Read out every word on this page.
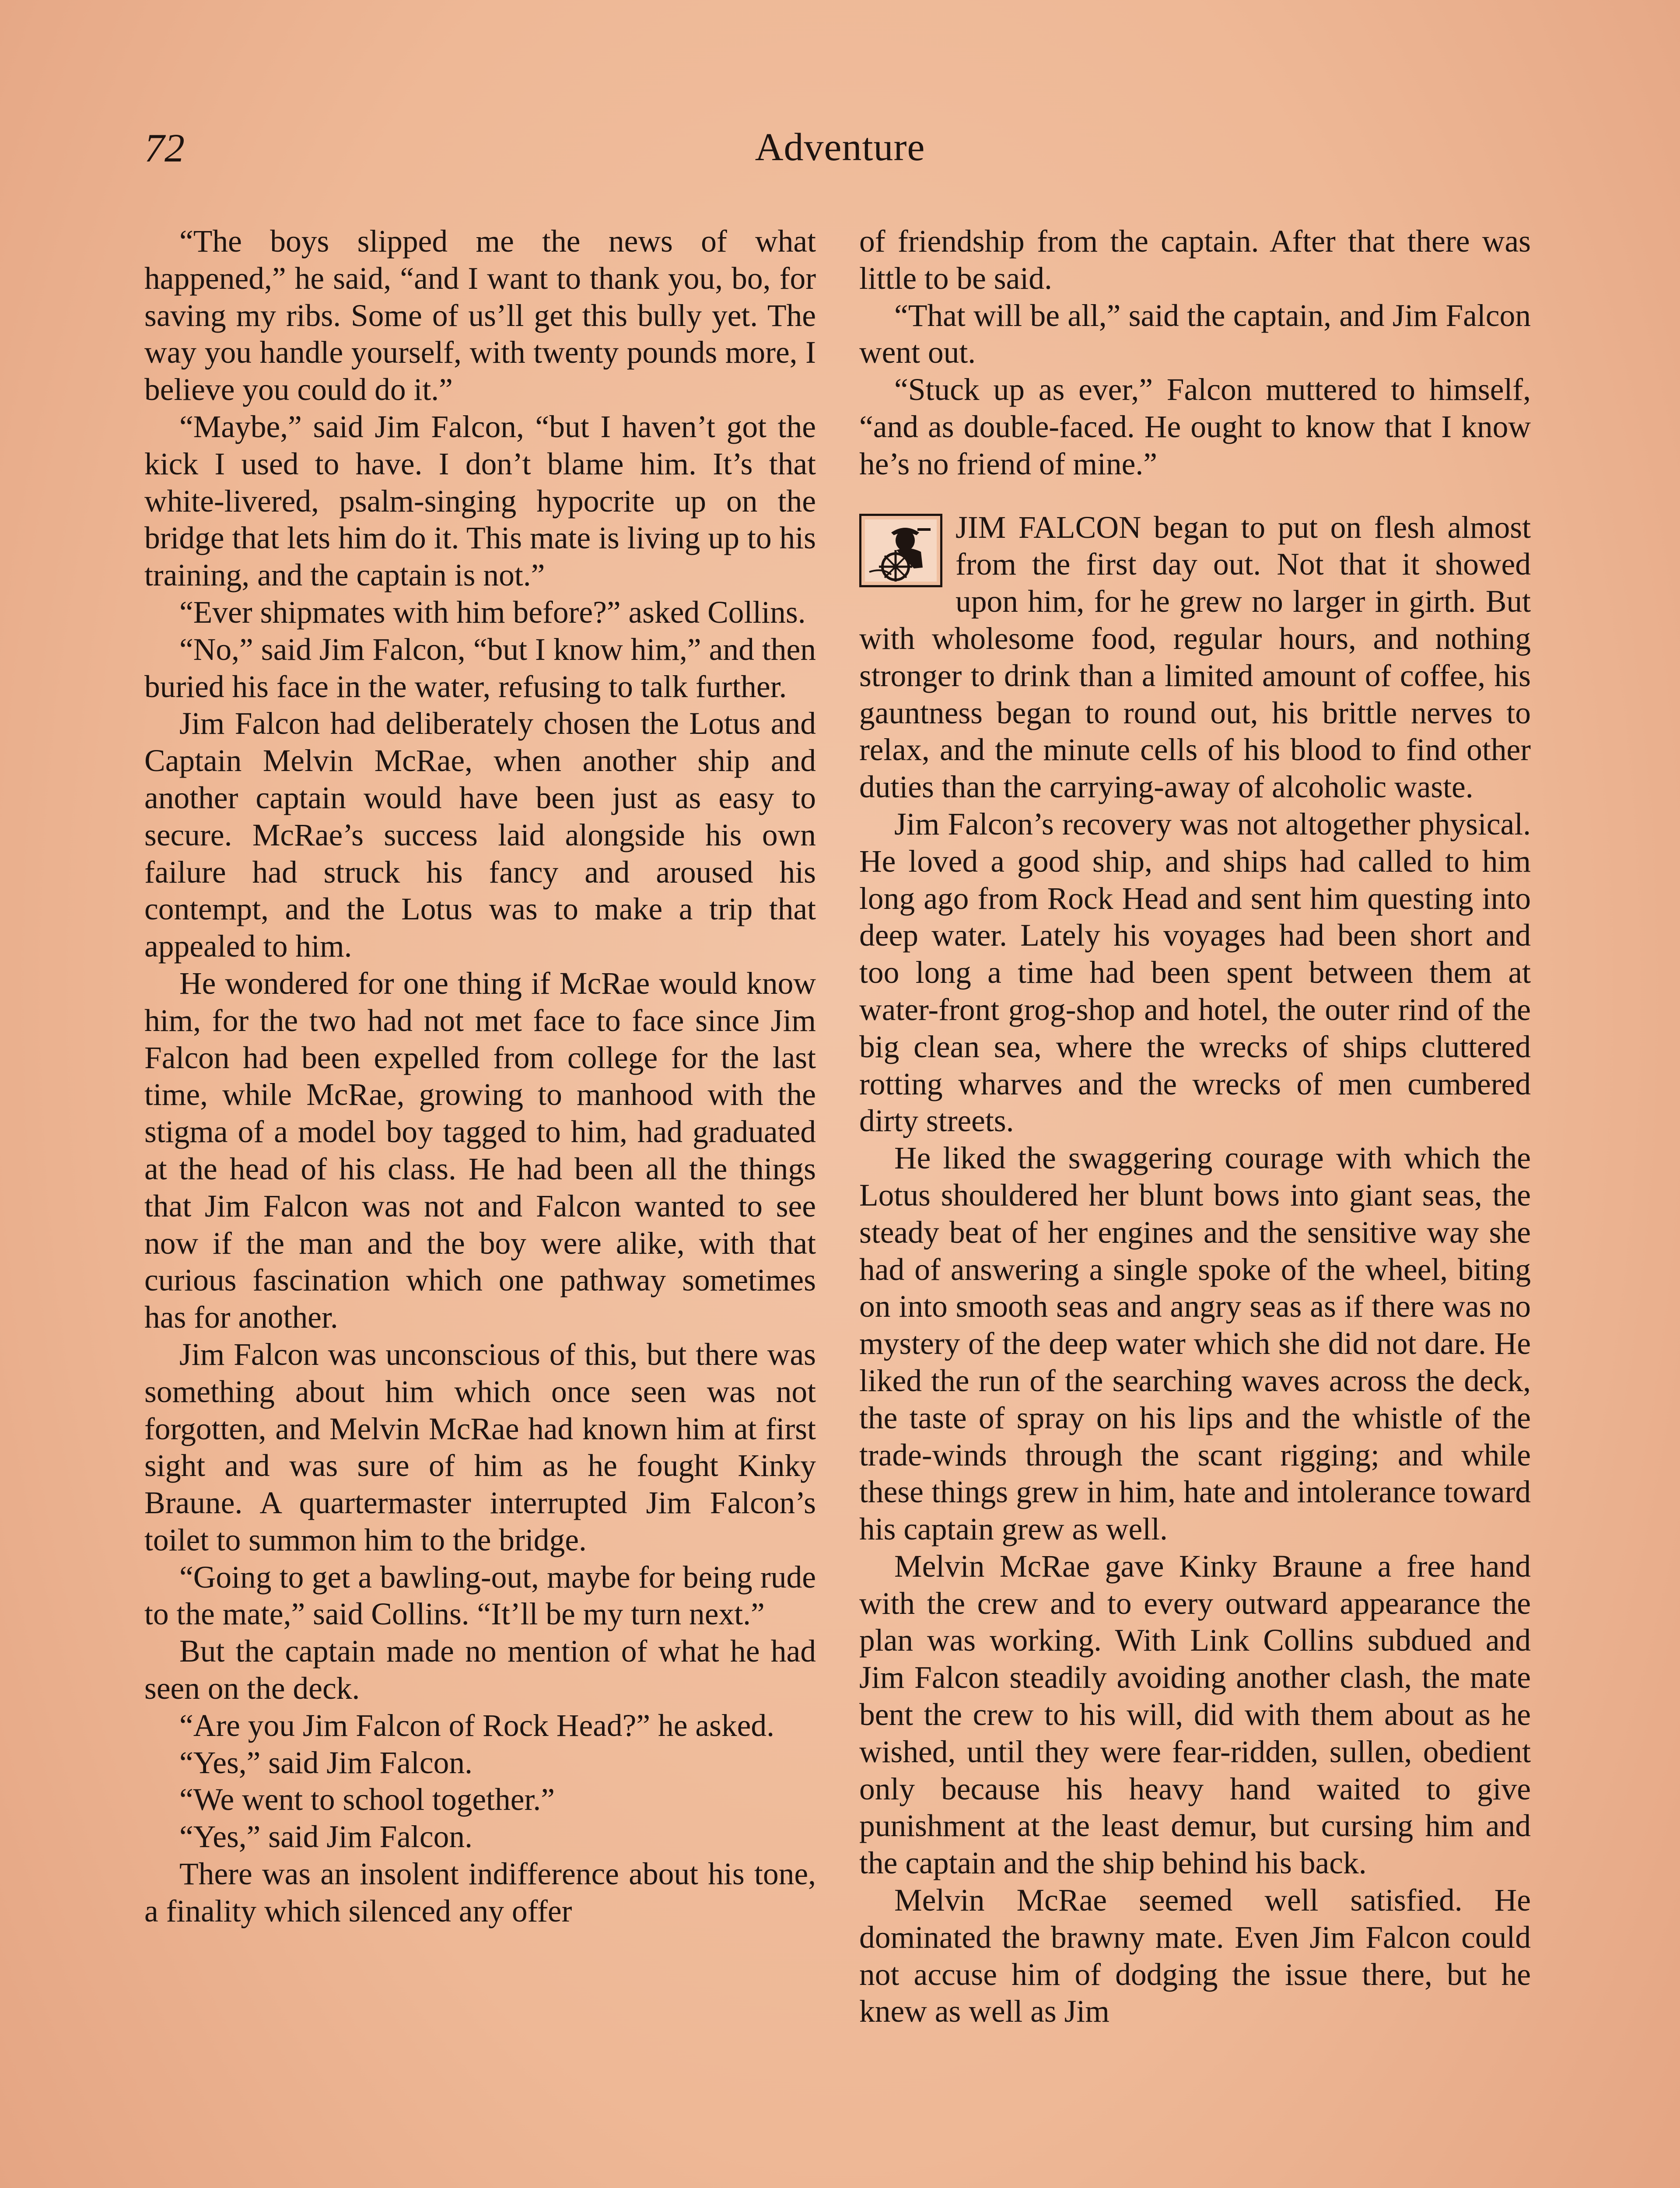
72	Adventure

“The boys slipped me the news of what happened,” he said, “and I want to thank you, bo, for saving my ribs. Some of us’ll get this bully yet. The way you handle yourself, with twenty pounds more, I believe you could do it.”

“Maybe,” said Jim Falcon, “but I haven’t got the kick I used to have. I don’t blame him. It’s that white-livered, psalm-singing hypocrite up on the bridge that lets him do it. This mate is living up to his training, and the captain is not.”

“Ever shipmates with him before?” asked Collins.

“No,” said Jim Falcon, “but I know him,” and then buried his face in the water, refusing to talk further.

Jim Falcon had deliberately chosen the Lotus and Captain Melvin McRae, when another ship and another captain would have been just as easy to secure. McRae’s success laid alongside his own failure had struck his fancy and aroused his contempt, and the Lotus was to make a trip that appealed to him.

He wondered for one thing if McRae would know him, for the two had not met face to face since Jim Falcon had been expelled from college for the last time, while McRae, growing to manhood with the stigma of a model boy tagged to him, had graduated at the head of his class. He had been all the things that Jim Falcon was not and Falcon wanted to see now if the man and the boy were alike, with that curious fascination which one pathway sometimes has for another.

Jim Falcon was unconscious of this, but there was something about him which once seen was not forgotten, and Melvin McRae had known him at first sight and was sure of him as he fought Kinky Braune. A quartermaster interrupted Jim Falcon’s toilet to summon him to the bridge.

“Going to get a bawling-out, maybe for being rude to the mate,” said Collins. “It’ll be my turn next.”

But the captain made no mention of what he had seen on the deck.

“Are you Jim Falcon of Rock Head?” he asked.

“Yes,” said Jim Falcon.

“We went to school together.”

“Yes,” said Jim Falcon.

There was an insolent indifference about his tone, a finality which silenced any offer

of friendship from the captain. After that there was little to be said.

“That will be all,” said the captain, and Jim Falcon went out.

“Stuck up as ever,” Falcon muttered to himself, “and as double-faced. He ought to know that I know he’s no friend of mine.”

JIM FALCON began to put on flesh almost from the first day out. Not that it showed upon him, for he grew no larger in girth. But with wholesome food, regular hours, and nothing stronger to drink than a limited amount of coffee, his gauntness began to round out, his brittle nerves to relax, and the minute cells of his blood to find other duties than the carrying-away of alcoholic waste.

Jim Falcon’s recovery was not altogether physical. He loved a good ship, and ships had called to him long ago from Rock Head and sent him questing into deep water. Lately his voyages had been short and too long a time had been spent between them at water-front grog-shop and hotel, the outer rind of the big clean sea, where the wrecks of ships cluttered rotting wharves and the wrecks of men cumbered dirty streets.

He liked the swaggering courage with which the Lotus shouldered her blunt bows into giant seas, the steady beat of her engines and the sensitive way she had of answering a single spoke of the wheel, biting on into smooth seas and angry seas as if there was no mystery of the deep water which she did not dare. He liked the run of the searching waves across the deck, the taste of spray on his lips and the whistle of the trade-winds through the scant rigging; and while these things grew in him, hate and intolerance toward his captain grew as well.

Melvin McRae gave Kinky Braune a free hand with the crew and to every outward appearance the plan was working. With Link Collins subdued and Jim Falcon steadily avoiding another clash, the mate bent the crew to his will, did with them about as he wished, until they were fear-ridden, sullen, obedient only because his heavy hand waited to give punishment at the least demur, but cursing him and the captain and the ship behind his back.

Melvin McRae seemed well satisfied. He dominated the brawny mate. Even Jim Falcon could not accuse him of dodging the issue there, but he knew as well as Jim
